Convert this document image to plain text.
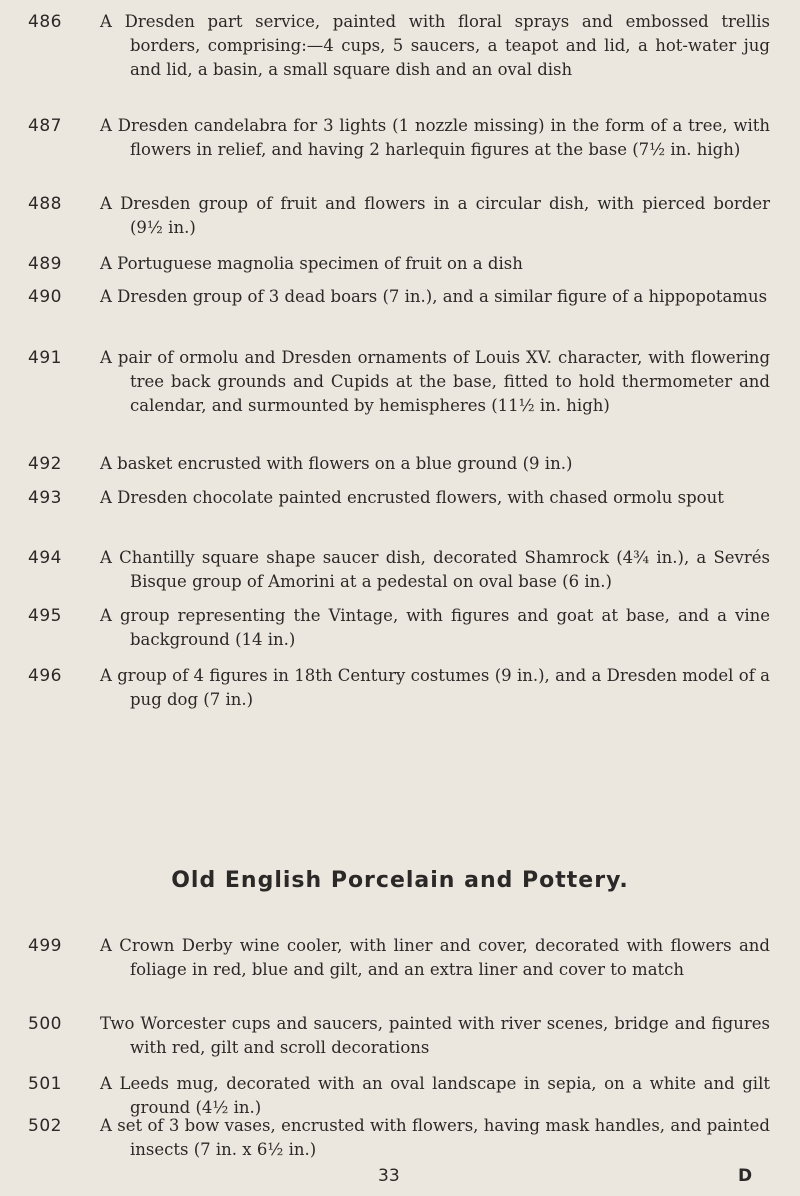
486	A Dresden part service, painted with floral sprays and embossed trellis borders, comprising:—4 cups, 5 saucers, a teapot and lid, a hot-water jug and lid, a basin, a small square dish and an oval dish
487	A Dresden candelabra for 3 lights (1 nozzle missing) in the form of a tree, with flowers in relief, and having 2 harlequin figures at the base (7½ in. high)
488	A Dresden group of fruit and flowers in a circular dish, with pierced border (9½ in.)
489	A Portuguese magnolia specimen of fruit on a dish
490	A Dresden group of 3 dead boars (7 in.), and a similar figure of a hippopotamus
491	A pair of ormolu and Dresden ornaments of Louis XV. character, with flowering tree back grounds and Cupids at the base, fitted to hold thermometer and calendar, and surmounted by hemispheres (11½ in. high)
492	A basket encrusted with flowers on a blue ground (9 in.)
493	A Dresden chocolate painted encrusted flowers, with chased ormolu spout
494	A Chantilly square shape saucer dish, decorated Shamrock (4¾ in.), a Sevrés Bisque group of Amorini at a pedestal on oval base (6 in.)
495	A group representing the Vintage, with figures and goat at base, and a vine background (14 in.)
496	A group of 4 figures in 18th Century costumes (9 in.), and a Dresden model of a pug dog (7 in.)
Old English Porcelain and Pottery.
499	A Crown Derby wine cooler, with liner and cover, decorated with flowers and foliage in red, blue and gilt, and an extra liner and cover to match
500	Two Worcester cups and saucers, painted with river scenes, bridge and figures with red, gilt and scroll decorations
501	A Leeds mug, decorated with an oval landscape in sepia, on a white and gilt ground (4½ in.)
502	A set of 3 bow vases, encrusted with flowers, having mask handles, and painted insects (7 in. x 6½ in.)
33	D
